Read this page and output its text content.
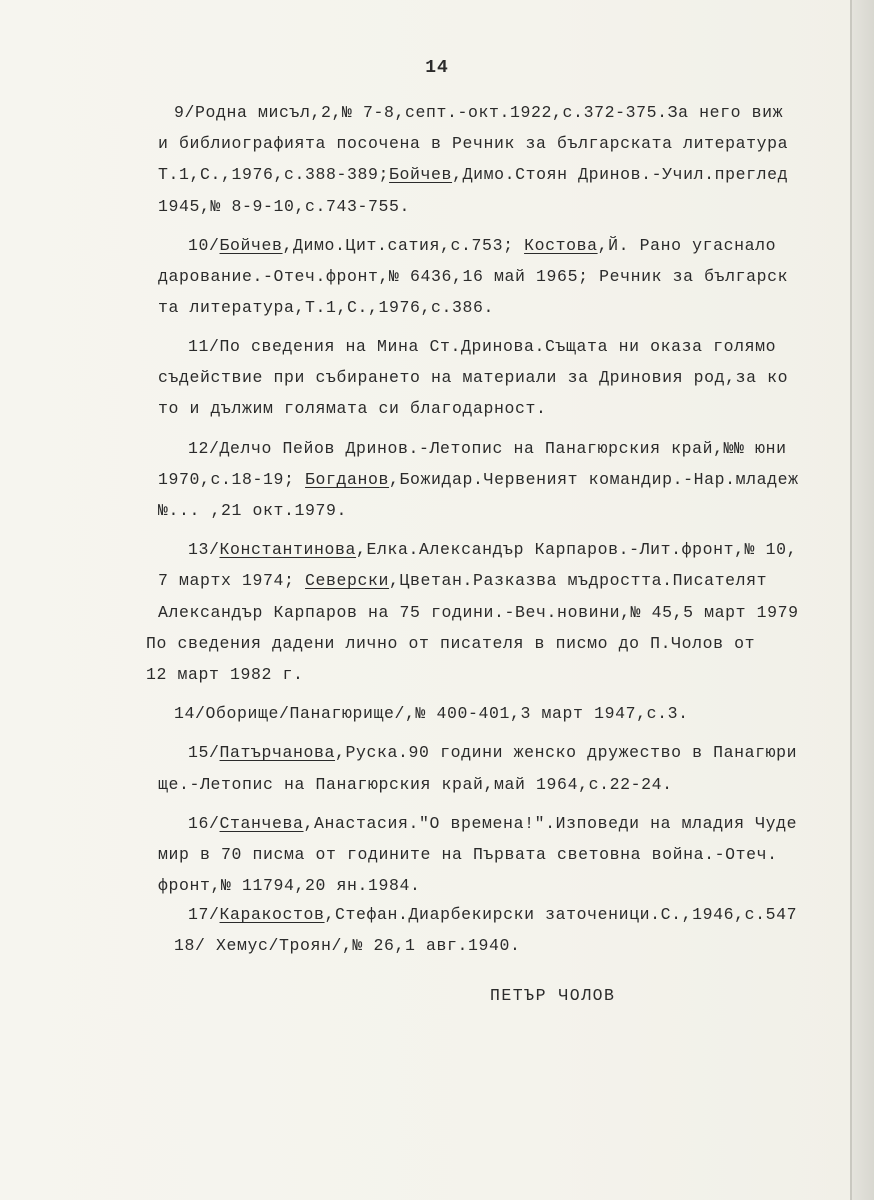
14
9/Родна мисъл,2,№ 7-8,септ.-окт.1922,с.372-375.За него виж
и библиографията посочена в Речник за българската литература
Т.1,С.,1976,с.388-389;Бойчев,Димо.Стоян Дринов.-Учил.преглед
1945,№ 8-9-10,с.743-755.
10/Бойчев,Димо.Цит.сатия,с.753; Костова,Й. Рано угаснало
дарование.-Отеч.фронт,№ 6436,16 май 1965; Речник за българск
та литература,Т.1,С.,1976,с.386.
11/По сведения на Мина Ст.Дринова.Същата ни оказа голямо
съдействие при събирането на материали за Дриновия род,за ко
то и дължим голямата си благодарност.
12/Делчо Пейов Дринов.-Летопис на Панагюрския край,№№ юни
1970,с.18-19; Богданов,Божидар.Червеният командир.-Нар.младеж
№... ,21 окт.1979.
13/Константинова,Елка.Александър Карпаров.-Лит.фронт,№ 10,
7 мартх 1974; Северски,Цветан.Разказва мъдростта.Писателят
Александър Карпаров на 75 години.-Веч.новини,№ 45,5 март 1979
По сведения дадени лично от писателя в писмо до П.Чолов от
12 март 1982 г.
14/Оборище/Панагюрище/,№ 400-401,3 март 1947,с.3.
15/Патърчанова,Руска.90 години женско дружество в Панагюри
ще.-Летопис на Панагюрския край,май 1964,с.22-24.
16/Станчева,Анастасия."О времена!".Изповеди на младия Чуде
мир в 70 писма от годините на Първата световна война.-Отеч.
фронт,№ 11794,20 ян.1984.
17/Каракостов,Стефан.Диарбекирски заточеници.С.,1946,с.547
18/ Хемус/Троян/,№ 26,1 авг.1940.
ПЕТЪР ЧОЛОВ
